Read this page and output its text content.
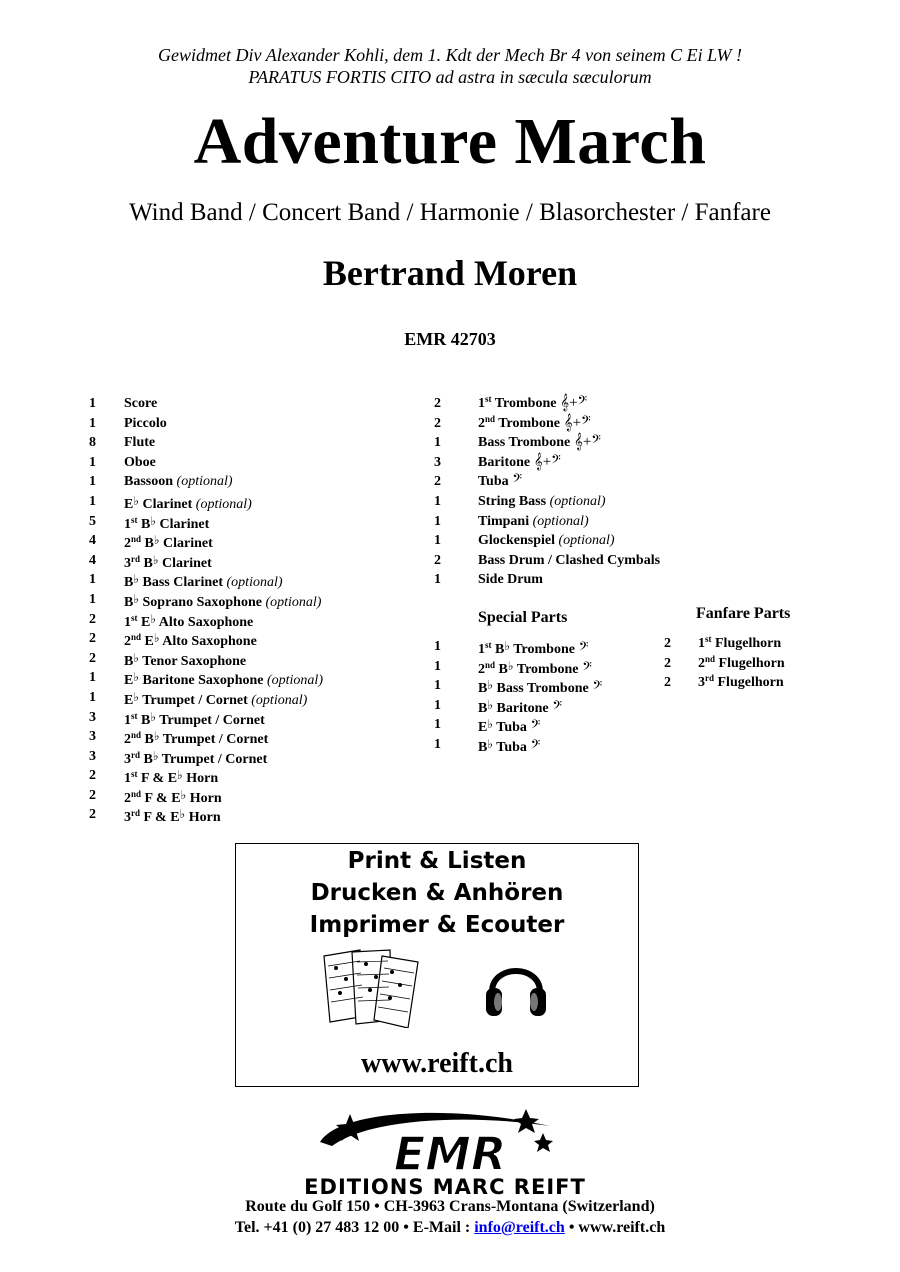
Gewidmet Div Alexander Kohli, dem 1. Kdt der Mech Br 4 von seinem C Ei LW !
PARATUS FORTIS CITO ad astra in sæcula sæculorum
Adventure March
Wind Band / Concert Band / Harmonie / Blasorchester / Fanfare
Bertrand Moren
EMR 42703
1 Score
1 Piccolo
8 Flute
1 Oboe
1 Bassoon (optional)
1 E♭ Clarinet (optional)
5 1st B♭ Clarinet
4 2nd B♭ Clarinet
4 3rd B♭ Clarinet
1 B♭ Bass Clarinet (optional)
1 B♭ Soprano Saxophone (optional)
2 1st E♭ Alto Saxophone
2 2nd E♭ Alto Saxophone
2 B♭ Tenor Saxophone
1 E♭ Baritone Saxophone (optional)
1 E♭ Trumpet / Cornet (optional)
3 1st B♭ Trumpet / Cornet
3 2nd B♭ Trumpet / Cornet
3 3rd B♭ Trumpet / Cornet
2 1st F & E♭ Horn
2 2nd F & E♭ Horn
2 3rd F & E♭ Horn
2	1st Trombone 𝄞+𝄢
2	2nd Trombone 𝄞+𝄢
1	Bass Trombone 𝄞+𝄢
3	Baritone 𝄞+𝄢
2	Tuba 𝄢
1	String Bass (optional)
1	Timpani (optional)
1	Glockenspiel (optional)
2	Bass Drum / Clashed Cymbals
1	Side Drum
Special Parts
1	1st B♭ Trombone 𝄢
1	2nd B♭ Trombone 𝄢
1	B♭ Bass Trombone 𝄢
1	B♭ Baritone 𝄢
1	E♭ Tuba 𝄢
1	B♭ Tuba 𝄢
Fanfare Parts
2 1st Flugelhorn
2 2nd Flugelhorn
2 3rd Flugelhorn
Print & Listen
Drucken & Anhören
Imprimer & Ecouter
www.reift.ch
EMR
EDITIONS MARC REIFT
Route du Golf 150 • CH-3963 Crans-Montana (Switzerland)
Tel. +41 (0) 27 483 12 00 • E-Mail : info@reift.ch • www.reift.ch
